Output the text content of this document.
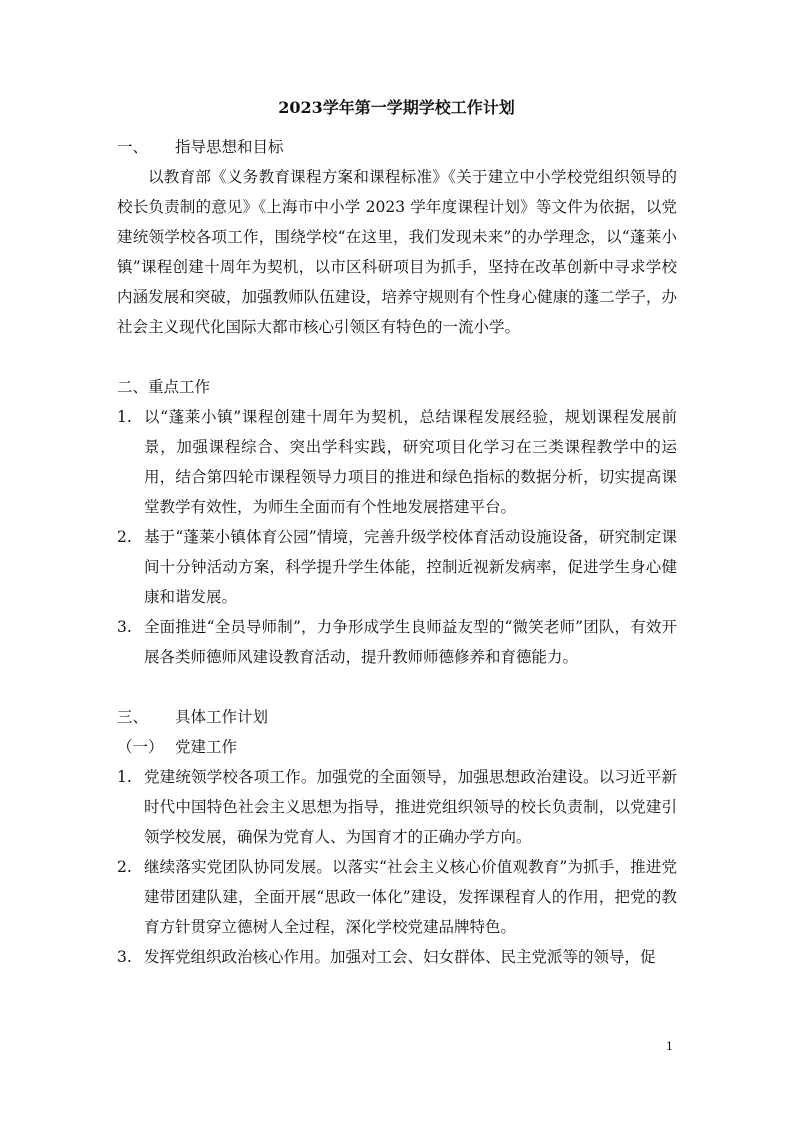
2023学年第一学期学校工作计划
一、	指导思想和目标

以教育部《义务教育课程方案和课程标准》《关于建立中小学校党组织领导的校长负责制的意见》《上海市中小学 2023 学年度课程计划》等文件为依据，以党建统领学校各项工作，围绕学校“在这里，我们发现未来”的办学理念，以“蓬莱小镇”课程创建十周年为契机，以市区科研项目为抓手，坚持在改革创新中寻求学校内涵发展和突破，加强教师队伍建设，培养守规则有个性身心健康的蓬二学子，办社会主义现代化国际大都市核心引领区有特色的一流小学。

二、重点工作
1. 以“蓬莱小镇”课程创建十周年为契机，总结课程发展经验，规划课程发展前景，加强课程综合、突出学科实践，研究项目化学习在三类课程教学中的运用，结合第四轮市课程领导力项目的推进和绿色指标的数据分析，切实提高课堂教学有效性，为师生全面而有个性地发展搭建平台。
2. 基于“蓬莱小镇体育公园”情境，完善升级学校体育活动设施设备，研究制定课间十分钟活动方案，科学提升学生体能，控制近视新发病率，促进学生身心健康和谐发展。
3. 全面推进“全员导师制”，力争形成学生良师益友型的“微笑老师”团队，有效开展各类师德师风建设教育活动，提升教师师德修养和育德能力。
三、	具体工作计划
（一） 党建工作
1. 党建统领学校各项工作。加强党的全面领导，加强思想政治建设。以习近平新时代中国特色社会主义思想为指导，推进党组织领导的校长负责制，以党建引领学校发展，确保为党育人、为国育才的正确办学方向。
2. 继续落实党团队协同发展。以落实“社会主义核心价值观教育”为抓手，推进党建带团建队建，全面开展“思政一体化”建设，发挥课程育人的作用，把党的教育方针贯穿立德树人全过程，深化学校党建品牌特色。
3. 发挥党组织政治核心作用。加强对工会、妇女群体、民主党派等的领导，促
1
